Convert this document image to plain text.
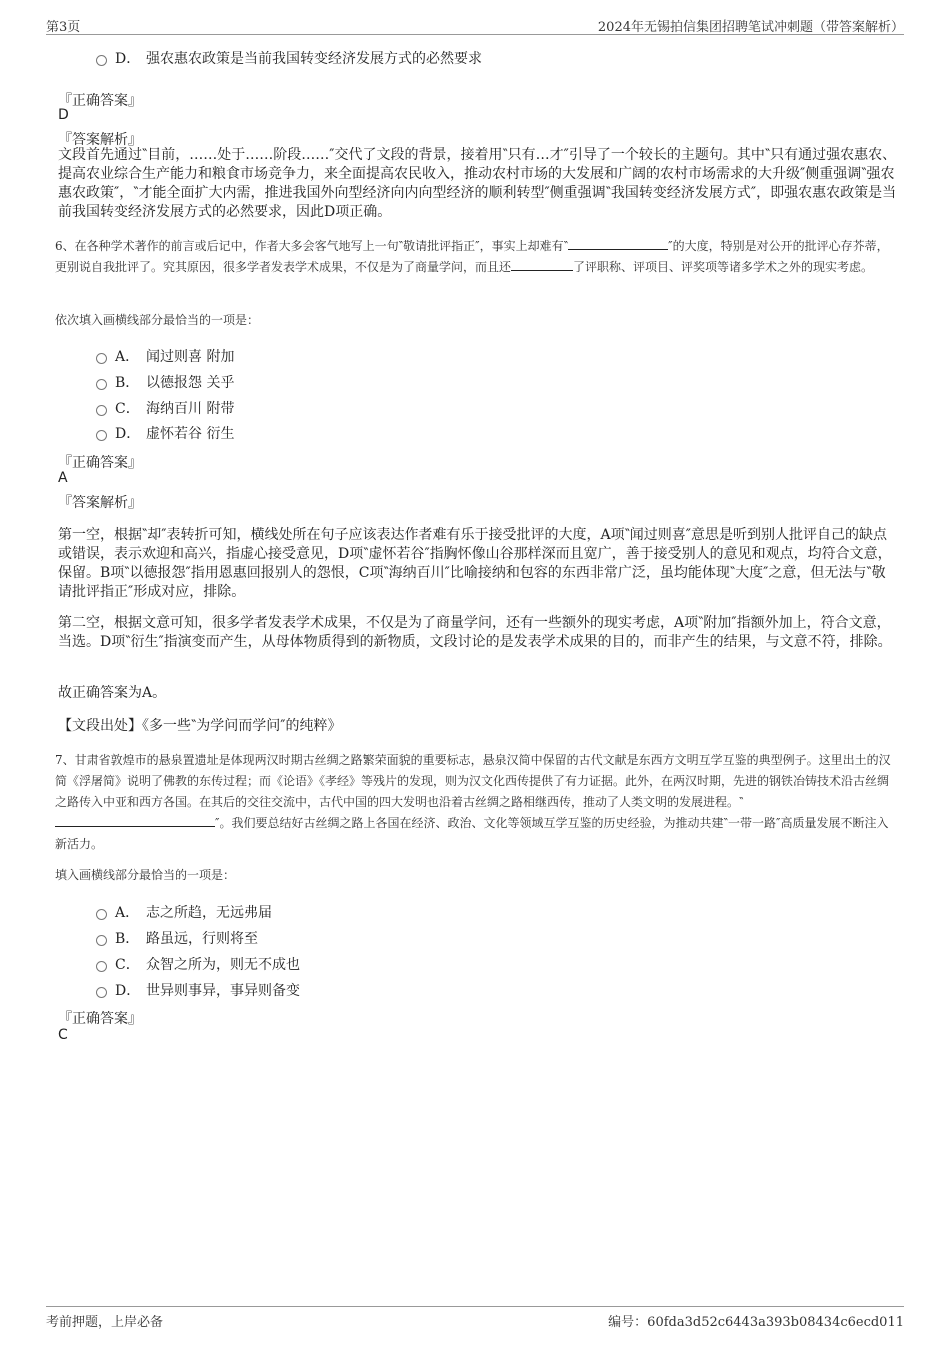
第3页	2024年无锡拍信集团招聘笔试冲刺题（带答案解析）
D． 强农惠农政策是当前我国转变经济发展方式的必然要求
『正确答案』
D
『答案解析』
文段首先通过‶目前，……处于……阶段……″交代了文段的背景，接着用‶只有…才″引导了一个较长的主题句。其中‶只有通过强农惠农、提高农业综合生产能力和粮食市场竞争力，来全面提高农民收入，推动农村市场的大发展和广阔的农村市场需求的大升级″侧重强调‶强农惠农政策″，‶才能全面扩大内需，推进我国外向型经济向内向型经济的顺利转型″侧重强调‶我国转变经济发展方式″，即强农惠农政策是当前我国转变经济发展方式的必然要求，因此D项正确。
6、在各种学术著作的前言或后记中，作者大多会客气地写上一句‶敬请批评指正″，事实上却难有‶	″的大度，特别是对公开的批评心存芥蒂，更别说自我批评了。究其原因，很多学者发表学术成果，不仅是为了商量学问，而且还	了评职称、评项目、评奖项等诸多学术之外的现实考虑。
依次填入画横线部分最恰当的一项是：
A． 闻过则喜 附加
B． 以德报怨 关乎
C． 海纳百川 附带
D． 虚怀若谷 衍生
『正确答案』
A
『答案解析』
第一空，根据‶却″表转折可知，横线处所在句子应该表达作者难有乐于接受批评的大度，A项‶闻过则喜″意思是听到别人批评自己的缺点或错误，表示欢迎和高兴，指虚心接受意见，D项‶虚怀若谷″指胸怀像山谷那样深而且宽广，善于接受别人的意见和观点，均符合文意，保留。B项‶以德报怨″指用恩惠回报别人的怨恨，C项‶海纳百川″比喻接纳和包容的东西非常广泛，虽均能体现‶大度″之意，但无法与‶敬请批评指正″形成对应，排除。
第二空，根据文意可知，很多学者发表学术成果，不仅是为了商量学问，还有一些额外的现实考虑，A项‶附加″指额外加上，符合文意，当选。D项‶衍生″指演变而产生，从母体物质得到的新物质，文段讨论的是发表学术成果的目的，而非产生的结果，与文意不符，排除。
故正确答案为A。
【文段出处】《多一些‶为学问而学问″的纯粹》
7、甘肃省敦煌市的悬泉置遗址是体现两汉时期古丝绸之路繁荣面貌的重要标志，悬泉汉简中保留的古代文献是东西方文明互学互鉴的典型例子。这里出土的汉简《浮屠简》说明了佛教的东传过程；而《论语》《孝经》等残片的发现，则为汉文化西传提供了有力证据。此外，在两汉时期，先进的钢铁冶铸技术沿古丝绸之路传入中亚和西方各国。在其后的交往交流中，古代中国的四大发明也沿着古丝绸之路相继西传，推动了人类文明的发展进程。‶″。我们要总结好古丝绸之路上各国在经济、政治、文化等领域互学互鉴的历史经验，为推动共建‶一带一路″高质量发展不断注入新活力。
填入画横线部分最恰当的一项是：
A． 志之所趋，无远弗届
B． 路虽远，行则将至
C． 众智之所为，则无不成也
D． 世异则事异，事异则备变
『正确答案』
C
考前押题，上岸必备	编号：60fda3d52c6443a393b08434c6ecd011
